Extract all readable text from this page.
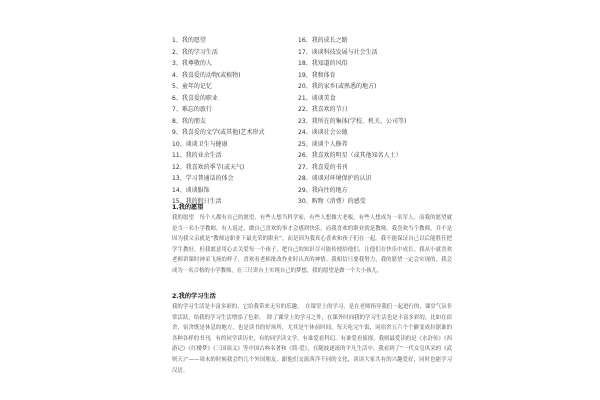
1、我的愿望
2、我的学习生活
3、我尊敬的人
4、我喜爱的动物(或植物)
5、童年的记忆
6、我喜爱的职业
7、难忘的旅行
8、我的朋友
9、我喜爱的文学(或其他)艺术形式
10、谈谈卫生与健康
11、我的业余生活
12、我喜欢的季节(或天气)
13、学习普通话的体会
14、谈谈服饰
15、我的假日生活
16、我的成长之路
17、谈谈科技发展与社会生活
18、我知道的风俗
19、我和体育
20、我的家乡(或熟悉的地方)
21、谈谈美食
22、我喜欢的节日
23、我所在的集体(学校、机关、公司等)
24、谈谈社会公德
25、谈谈个人修养
26、我喜欢的明星（或其他知名人士）
27、我喜爱的书刊
28、谈谈对环境保护的认识
29、我向往的地方
30、购物（消费）的感受
1.我的愿望
我的愿望　每个人都有自己的愿望，有些人想当科学家，有些人想做大老板，有些人想成为一名军人。而我的愿望就是当一名小学教师。有人说过，做自己喜欢的事才会感到快乐，而我喜欢的职业就是教师。我喜欢当个教师，并不是因为我父亲就是“教师这职业下最光荣的职业”，而是因为我真心喜欢和孩子们在一起。我不能保证自己以后能胜任把学生教好，但我愿意用心去关爱每一个孩子，把自己的知识尽可能传授给他们，让他们在快乐中成长。我从小就喜欢老师讲课时神采飞扬的样子，喜欢看老师批改作业时认真的神情。我相信只要我努力，我的愿望一定会实现的，我会成为一名合格的小学教师，在三尺讲台上实现自己的梦想，我的愿望是做一个大小孩儿。
2.我的学习生活
我的学习生活是丰富多彩的，它给我带来无穷的乐趣。　在课堂上的学习，是在老师指导我们一起进行的，课堂气氛非常活跃，给我的学习生活增添了色彩。　除了课堂上的学习之外，在课外时间我的学习生活也是丰富多彩的，比如在宿舍，宿舍既是休息的地方，也是读书的好场所，尤其是午休前时间，每天吃完午饭，同宿舍五六个个僻变成拉锯谁的各种各样的书刊，有的同学读历史，有的同学读文学。有谁爱看科幻，有谁爱看侦探，我则最爱读的是《水浒传》《西游记》《红楼梦》《三国演义》等中国古典名著和《简·爱》，在随波逐流的平凡生活中，我看到了“一代女皇风采的《武则天》”——周末的时候我会约几个外国朋友，跟他们交流西洋不同的文化，谈谈大家共有的兴趣爱好，同时也能学习汉语。
